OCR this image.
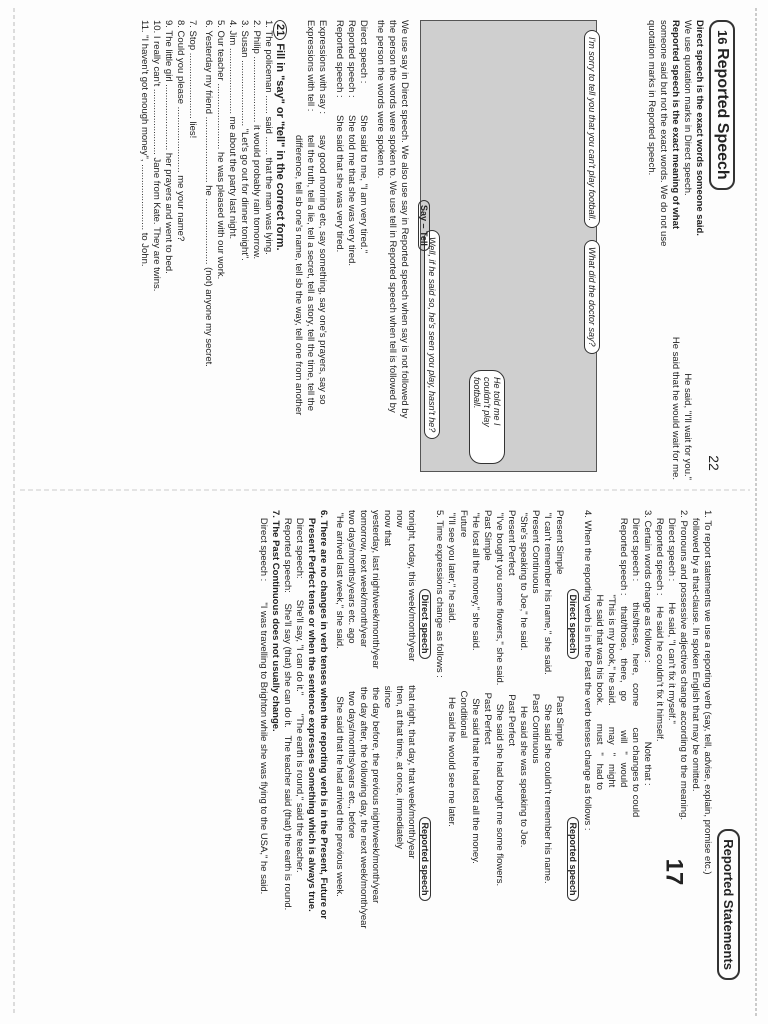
17
22
16 Reported Speech
Direct speech is the exact words someone said.
We use quotation marks in Direct speech.
He said, "I'll wait for you."
Reported speech is the exact meaning of what
someone said but not the exact words. We do not use
quotation marks in Reported speech.
He said that he would wait for me.
I'm sorry to tell you that you can't play football.
What did the doctor say?
Well, if he said so, he's seen you play, hasn't he?	He told me I couldn't play football.
Say – Tell
We use say in Direct speech. We also use say in Reported speech when say is not followed by
the person the words were spoken to. We use tell in Reported speech when tell is followed by
the person the words were spoken to.
Direct speech :She said to me, "I am very tired."
Reported speech :She told me that she was very tired.
Reported speech :She said that she was very tired.
Expressions with say :say good morning etc, say something, say one's prayers, say so
Expressions with tell :tell the truth, tell a lie, tell a secret, tell a story, tell the time, tell the
difference, tell sb one's name, tell sb the way, tell one from another
21 Fill in "say" or "tell" in the correct form.
1. The policeman ....... said ....... that the man was lying.
2. Philip ......................... it would probably rain tomorrow.
3. Susan ......................... "Let's go out for dinner tonight".
4. Jim ......................... me about the party last night.
5. Our teacher ......................... he was pleased with our work.
6. Yesterday my friend ......................... he ......................... (not) anyone my secret.
7. Stop ......................... lies!
8. Could you please ......................... me your name?
9. The little girl ......................... her prayers and went to bed.
10. I really can't ......................... Jane from Kate. They are twins.
11. "I haven't got enough money", ......................... to John.
Reported Statements
1. To report statements we use a reporting verb (say, tell, advise, explain, promise etc.)
followed by a that-clause. In spoken English that may be omitted.
2. Pronouns and possessive adjectives change according to the meaning.
Direct speech :        He said, "I can't fix it myself."
Reported speech :    He said he couldn't fix it himself.
3. Certain words change as follows :                              Note that :
Direct speech :        this/these,   here,   come        can changes to could
Reported speech :    that/those,   there,   go           will   "   would
"This is my book," he said.        may   "   might
He said that was his book.       must   "   had to
4. When the reporting verb is in the Past the verb tenses change as follows :
Direct speech
Reported speech
Present Simple                                              Past Simple
"I can't remember his name," she said.           She said she couldn't remember his name.
Present Continuous                                      Past Continuous
"She's speaking to Joe," he said.                     He said she was speaking to Joe.
Present Perfect                                             Past Perfect
"I've bought you some flowers," she said.       She said she had bought me some flowers.
Past Simple                                                  Past Perfect
"He lost all the money," she said.                  She said that he had lost all the money.
Future                                                          Conditional
"I'll see you later," he said.                            He said he would see me later.
5. Time expressions change as follows :
Direct speech
Reported speech
tonight, today, this week/month/year         that night, that day, that week/month/year
now                                                            then, at that time, at once, immediately
now that                                                     since
yesterday, last night/week/month/year       the day before, the previous night/week/month/year
tomorrow, next week/month/year               the day after, the following day, the next week/month/year
two days/months/years etc. ago                  two days/months/years etc., before
"He arrived last week," she said.                  She said that he had arrived the previous week.
6. There are no changes in verb tenses when the reporting verb is in the Present, Future or
Present Perfect tense or when the sentence expresses something which is always true.
Direct speech:        She'll say, "I can do it."       "The earth is round," said the teacher.
Reported speech:    She'll say (that) she can do it.   The teacher said (that) the earth is round.
7. The Past Continuous does not usually change.
Direct speech :        "I was travelling to Brighton while she was flying to the USA," he said.
